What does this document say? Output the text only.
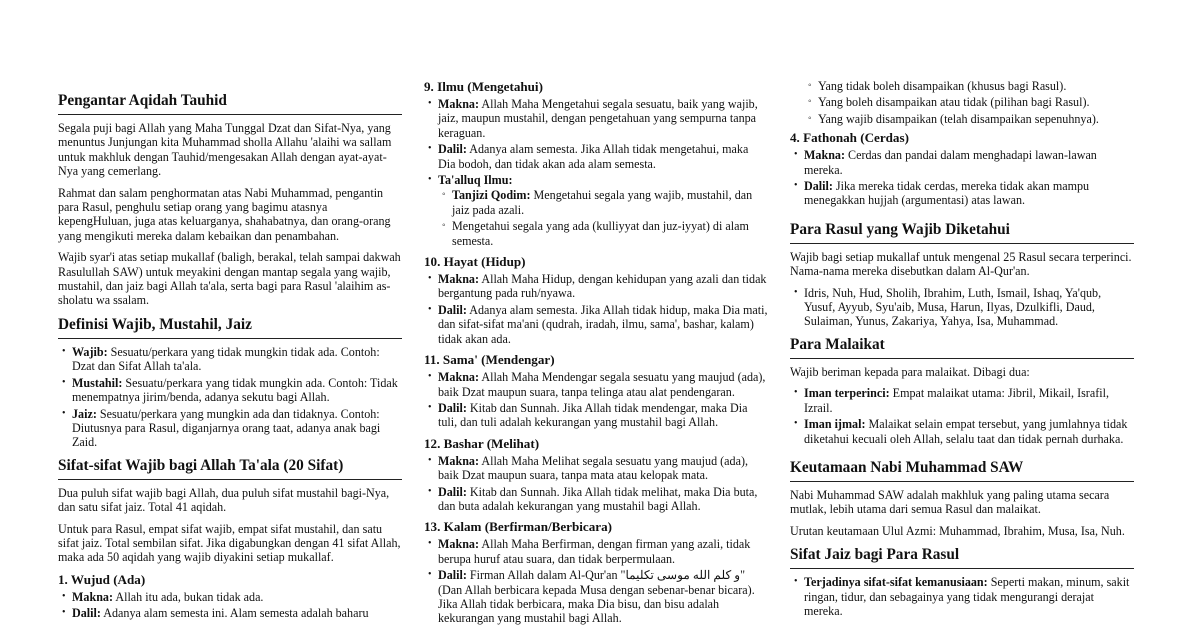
Pengantar Aqidah Tauhid

Segala puji bagi Allah yang Maha Tunggal Dzat dan Sifat-Nya, yang menuntus Junjungan kita Muhammad sholla Allahu 'alaihi wa sallam untuk makhluk dengan Tauhid/mengesakan Allah dengan ayat-ayat-Nya yang cemerlang.

Rahmat dan salam penghormatan atas Nabi Muhammad, pengantin para Rasul, penghulu setiap orang yang bagimu atasnya kepengHuluan, juga atas keluarganya, shahabatnya, dan orang-orang yang mengikuti mereka dalam kebaikan dan penambahan.

Wajib syar'i atas setiap mukallaf (baligh, berakal, telah sampai dakwah Rasulullah SAW) untuk meyakini dengan mantap segala yang wajib, mustahil, dan jaiz bagi Allah ta'ala, serta bagi para Rasul 'alaihim as-sholatu wa ssalam.

Definisi Wajib, Mustahil, Jaiz
• Wajib: Sesuatu/perkara yang tidak mungkin tidak ada. Contoh: Dzat dan Sifat Allah ta'ala.
• Mustahil: Sesuatu/perkara yang tidak mungkin ada. Contoh: Tidak menempatnya jirim/benda, adanya sekutu bagi Allah.
• Jaiz: Sesuatu/perkara yang mungkin ada dan tidaknya. Contoh: Diutusnya para Rasul, diganjarnya orang taat, adanya anak bagi Zaid.
Sifat-sifat Wajib bagi Allah Ta'ala (20 Sifat)

Dua puluh sifat wajib bagi Allah, dua puluh sifat mustahil bagi-Nya, dan satu sifat jaiz. Total 41 aqidah.

Untuk para Rasul, empat sifat wajib, empat sifat mustahil, dan satu sifat jaiz. Total sembilan sifat. Jika digabungkan dengan 41 sifat Allah, maka ada 50 aqidah yang wajib diyakini setiap mukallaf.

1. Wujud (Ada)
• Makna: Allah itu ada, bukan tidak ada.
• Dalil: Adanya alam semesta ini. Alam semesta adalah baharu
9. Ilmu (Mengetahui)
• Makna: Allah Maha Mengetahui segala sesuatu, baik yang wajib, jaiz, maupun mustahil, dengan pengetahuan yang sempurna tanpa keraguan.
• Dalil: Adanya alam semesta. Jika Allah tidak mengetahui, maka Dia bodoh, dan tidak akan ada alam semesta.
• Ta'alluq Ilmu:
◦ Tanjizi Qodim: Mengetahui segala yang wajib, mustahil, dan jaiz pada azali.
◦ Mengetahui segala yang ada (kulliyyat dan juz-iyyat) di alam semesta.
10. Hayat (Hidup)
• Makna: Allah Maha Hidup, dengan kehidupan yang azali dan tidak bergantung pada ruh/nyawa.
• Dalil: Adanya alam semesta. Jika Allah tidak hidup, maka Dia mati, dan sifat-sifat ma'ani (qudrah, iradah, ilmu, sama', bashar, kalam) tidak akan ada.
11. Sama' (Mendengar)
• Makna: Allah Maha Mendengar segala sesuatu yang maujud (ada), baik Dzat maupun suara, tanpa telinga atau alat pendengaran.
• Dalil: Kitab dan Sunnah. Jika Allah tidak mendengar, maka Dia tuli, dan tuli adalah kekurangan yang mustahil bagi Allah.
12. Bashar (Melihat)
• Makna: Allah Maha Melihat segala sesuatu yang maujud (ada), baik Dzat maupun suara, tanpa mata atau kelopak mata.
• Dalil: Kitab dan Sunnah. Jika Allah tidak melihat, maka Dia buta, dan buta adalah kekurangan yang mustahil bagi Allah.
13. Kalam (Berfirman/Berbicara)
• Makna: Allah Maha Berfirman, dengan firman yang azali, tidak berupa huruf atau suara, dan tidak berpermulaan.
• Dalil: Firman Allah dalam Al-Qur'an "و كلم الله موسى تكليما" (Dan Allah berbicara kepada Musa dengan sebenar-benar bicara). Jika Allah tidak berbicara, maka Dia bisu, dan bisu adalah kekurangan yang mustahil bagi Allah.
◦ Yang tidak boleh disampaikan (khusus bagi Rasul).
◦ Yang boleh disampaikan atau tidak (pilihan bagi Rasul).
◦ Yang wajib disampaikan (telah disampaikan sepenuhnya).
4. Fathonah (Cerdas)
• Makna: Cerdas dan pandai dalam menghadapi lawan-lawan mereka.
• Dalil: Jika mereka tidak cerdas, mereka tidak akan mampu menegakkan hujjah (argumentasi) atas lawan.
Para Rasul yang Wajib Diketahui

Wajib bagi setiap mukallaf untuk mengenal 25 Rasul secara terperinci. Nama-nama mereka disebutkan dalam Al-Qur'an.

• Idris, Nuh, Hud, Sholih, Ibrahim, Luth, Ismail, Ishaq, Ya'qub, Yusuf, Ayyub, Syu'aib, Musa, Harun, Ilyas, Dzulkifli, Daud, Sulaiman, Yunus, Zakariya, Yahya, Isa, Muhammad.
Para Malaikat

Wajib beriman kepada para malaikat. Dibagi dua:

• Iman terperinci: Empat malaikat utama: Jibril, Mikail, Israfil, Izrail.
• Iman ijmal: Malaikat selain empat tersebut, yang jumlahnya tidak diketahui kecuali oleh Allah, selalu taat dan tidak pernah durhaka.
Keutamaan Nabi Muhammad SAW

Nabi Muhammad SAW adalah makhluk yang paling utama secara mutlak, lebih utama dari semua Rasul dan malaikat.

Urutan keutamaan Ulul Azmi: Muhammad, Ibrahim, Musa, Isa, Nuh.

Sifat Jaiz bagi Para Rasul
• Terjadinya sifat-sifat kemanusiaan: Seperti makan, minum, sakit ringan, tidur, dan sebagainya yang tidak mengurangi derajat mereka.
